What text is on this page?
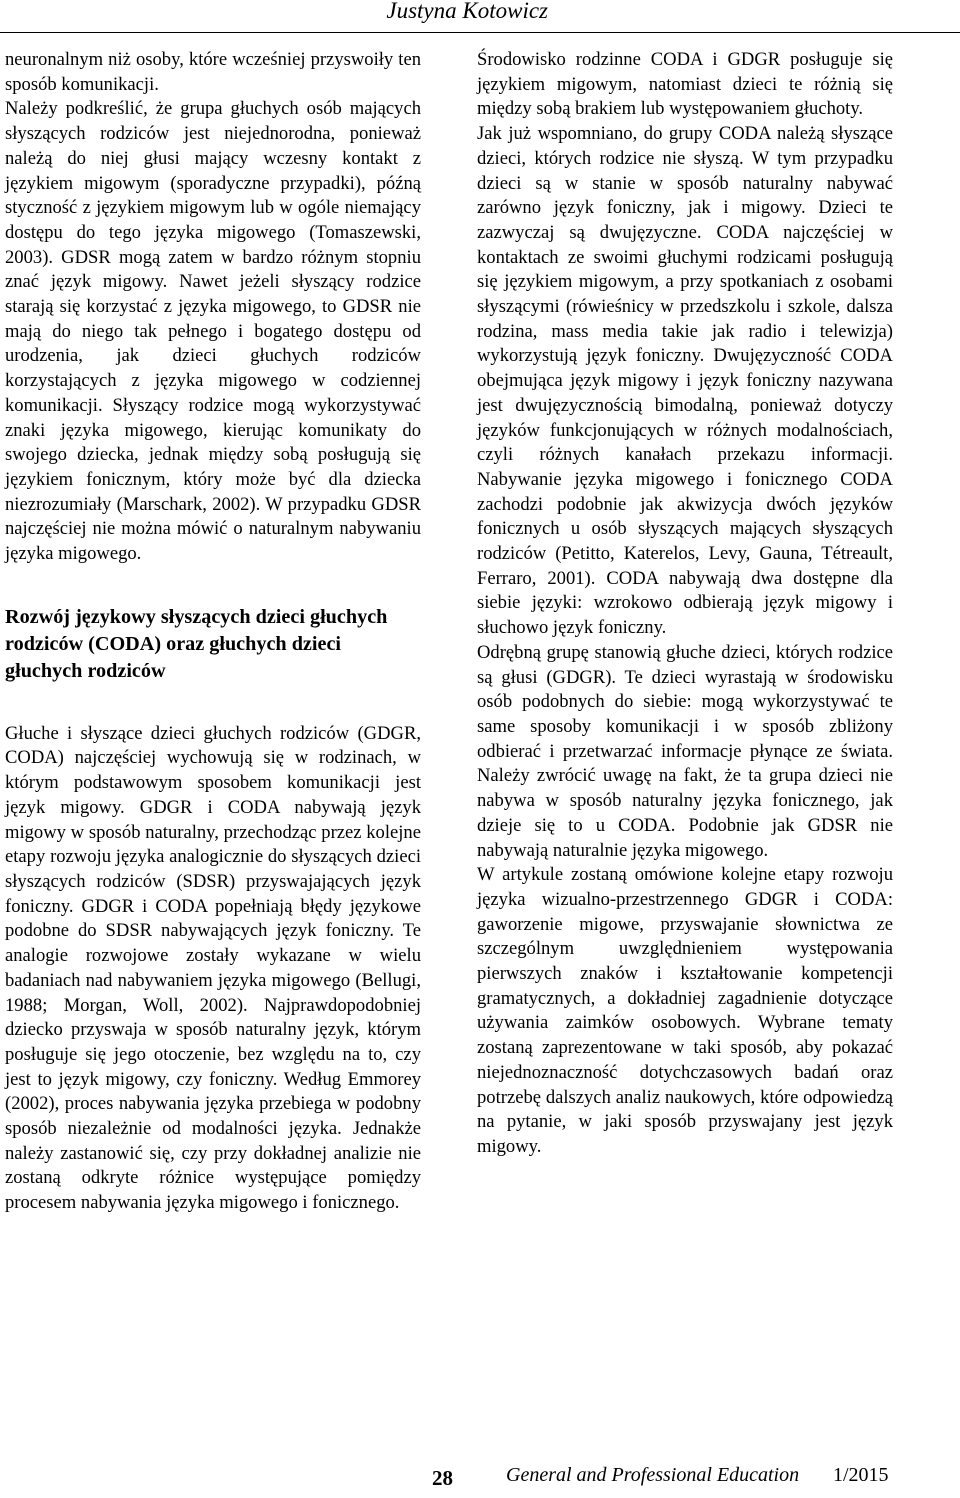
Justyna Kotowicz

neuronalnym niż osoby, które wcześniej przyswoiły ten sposób komunikacji.

Należy podkreślić, że grupa głuchych osób mających słyszących rodziców jest niejednorodna, ponieważ należą do niej głusi mający wczesny kontakt z językiem migowym (sporadyczne przypadki), późną styczność z językiem migowym lub w ogóle niemający dostępu do tego języka migowego (Tomaszewski, 2003). GDSR mogą zatem w bardzo różnym stopniu znać język migowy. Nawet jeżeli słyszący rodzice starają się korzystać z języka migowego, to GDSR nie mają do niego tak pełnego i bogatego dostępu od urodzenia, jak dzieci głuchych rodziców korzystających z języka migowego w codziennej komunikacji. Słyszący rodzice mogą wykorzystywać znaki języka migowego, kierując komunikaty do swojego dziecka, jednak między sobą posługują się językiem fonicznym, który może być dla dziecka niezrozumiały (Marschark, 2002). W przypadku GDSR najczęściej nie można mówić o naturalnym nabywaniu języka migowego.

Rozwój językowy słyszących dzieci głuchych rodziców (CODA) oraz głuchych dzieci głuchych rodziców

Głuche i słyszące dzieci głuchych rodziców (GDGR, CODA) najczęściej wychowują się w rodzinach, w którym podstawowym sposobem komunikacji jest język migowy. GDGR i CODA nabywają język migowy w sposób naturalny, przechodząc przez kolejne etapy rozwoju języka analogicznie do słyszących dzieci słyszących rodziców (SDSR) przyswajających język foniczny. GDGR i CODA popełniają błędy językowe podobne do SDSR nabywających język foniczny. Te analogie rozwojowe zostały wykazane w wielu badaniach nad nabywaniem języka migowego (Bellugi, 1988; Morgan, Woll, 2002). Najprawdopodobniej dziecko przyswaja w sposób naturalny język, którym posługuje się jego otoczenie, bez względu na to, czy jest to język migowy, czy foniczny. Według Emmorey (2002), proces nabywania języka przebiega w podobny sposób niezależnie od modalności języka. Jednakże należy zastanowić się, czy przy dokładnej analizie nie zostaną odkryte różnice występujące pomiędzy procesem nabywania języka migowego i fonicznego.

Środowisko rodzinne CODA i GDGR posługuje się językiem migowym, natomiast dzieci te różnią się między sobą brakiem lub występowaniem głuchoty.

Jak już wspomniano, do grupy CODA należą słyszące dzieci, których rodzice nie słyszą. W tym przypadku dzieci są w stanie w sposób naturalny nabywać zarówno język foniczny, jak i migowy. Dzieci te zazwyczaj są dwujęzyczne. CODA najczęściej w kontaktach ze swoimi głuchymi rodzicami posługują się językiem migowym, a przy spotkaniach z osobami słyszącymi (rówieśnicy w przedszkolu i szkole, dalsza rodzina, mass media takie jak radio i telewizja) wykorzystują język foniczny. Dwujęzyczność CODA obejmująca język migowy i język foniczny nazywana jest dwujęzycznością bimodalną, ponieważ dotyczy języków funkcjonujących w różnych modalnościach, czyli różnych kanałach przekazu informacji. Nabywanie języka migowego i fonicznego CODA zachodzi podobnie jak akwizycja dwóch języków fonicznych u osób słyszących mających słyszących rodziców (Petitto, Katerelos, Levy, Gauna, Tétreault, Ferraro, 2001). CODA nabywają dwa dostępne dla siebie języki: wzrokowo odbierają język migowy i słuchowo język foniczny.

Odrębną grupę stanowią głuche dzieci, których rodzice są głusi (GDGR). Te dzieci wyrastają w środowisku osób podobnych do siebie: mogą wykorzystywać te same sposoby komunikacji i w sposób zbliżony odbierać i przetwarzać informacje płynące ze świata. Należy zwrócić uwagę na fakt, że ta grupa dzieci nie nabywa w sposób naturalny języka fonicznego, jak dzieje się to u CODA. Podobnie jak GDSR nie nabywają naturalnie języka migowego.

W artykule zostaną omówione kolejne etapy rozwoju języka wizualno-przestrzennego GDGR i CODA: gaworzenie migowe, przyswajanie słownictwa ze szczególnym uwzględnieniem występowania pierwszych znaków i kształtowanie kompetencji gramatycznych, a dokładniej zagadnienie dotyczące używania zaimków osobowych. Wybrane tematy zostaną zaprezentowane w taki sposób, aby pokazać niejednoznaczność dotychczasowych badań oraz potrzebę dalszych analiz naukowych, które odpowiedzą na pytanie, w jaki sposób przyswajany jest język migowy.

28	General and Professional Education 1/2015
